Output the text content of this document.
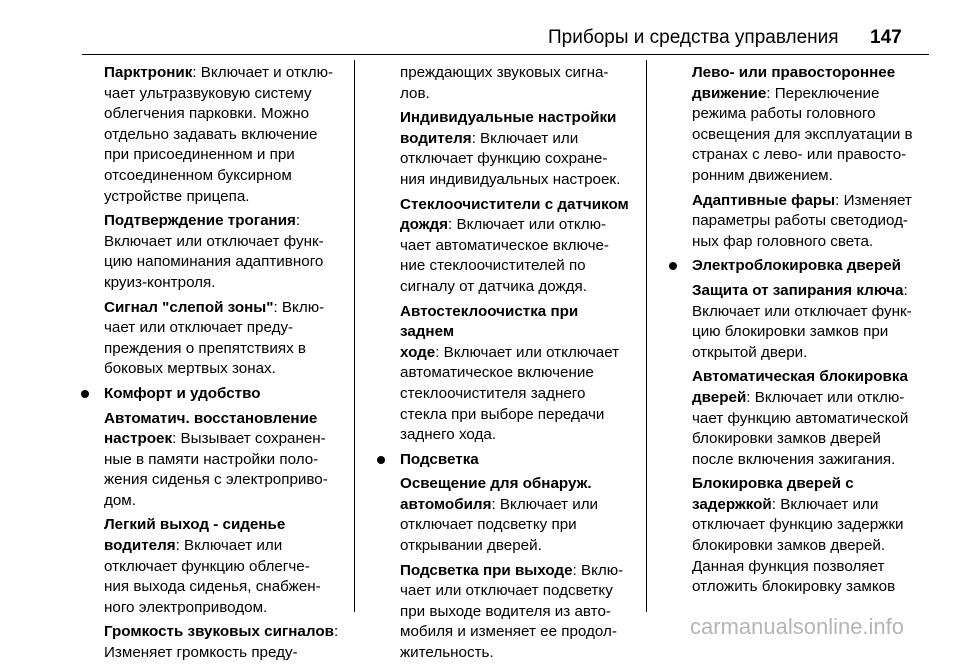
Приборы и средства управления 147
Парктроник: Включает и отклю-
чает ультразвуковую систему
облегчения парковки. Можно
отдельно задавать включение
при присоединенном и при
отсоединенном буксирном
устройстве прицепа.
Подтверждение трогания:
Включает или отключает функ-
цию напоминания адаптивного
круиз-контроля.
Сигнал "слепой зоны": Вклю-
чает или отключает преду-
преждения о препятствиях в
боковых мертвых зонах.
Комфорт и удобство
Автоматич. восстановление
настроек: Вызывает сохранен-
ные в памяти настройки поло-
жения сиденья с электроприво-
дом.
Легкий выход - сиденье
водителя: Включает или
отключает функцию облегче-
ния выхода сиденья, снабжен-
ного электроприводом.
Громкость звуковых сигналов:
Изменяет громкость преду-
преждающих звуковых сигна-
лов.
Индивидуальные настройки
водителя: Включает или
отключает функцию сохране-
ния индивидуальных настроек.
Стеклоочистители с датчиком
дождя: Включает или отклю-
чает автоматическое включе-
ние стеклоочистителей по
сигналу от датчика дождя.
Автостеклоочистка при заднем
ходе: Включает или отключает
автоматическое включение
стеклоочистителя заднего
стекла при выборе передачи
заднего хода.
Подсветка
Освещение для обнаруж.
автомобиля: Включает или
отключает подсветку при
открывании дверей.
Подсветка при выходе: Вклю-
чает или отключает подсветку
при выходе водителя из авто-
мобиля и изменяет ее продол-
жительность.
Лево- или правостороннее
движение: Переключение
режима работы головного
освещения для эксплуатации в
странах с лево- или правосто-
ронним движением.
Адаптивные фары: Изменяет
параметры работы светодиод-
ных фар головного света.
Электроблокировка дверей
Защита от запирания ключа:
Включает или отключает функ-
цию блокировки замков при
открытой двери.
Автоматическая блокировка
дверей: Включает или отклю-
чает функцию автоматической
блокировки замков дверей
после включения зажигания.
Блокировка дверей с
задержкой: Включает или
отключает функцию задержки
блокировки замков дверей.
Данная функция позволяет
отложить блокировку замков
carmanualsonline.info
